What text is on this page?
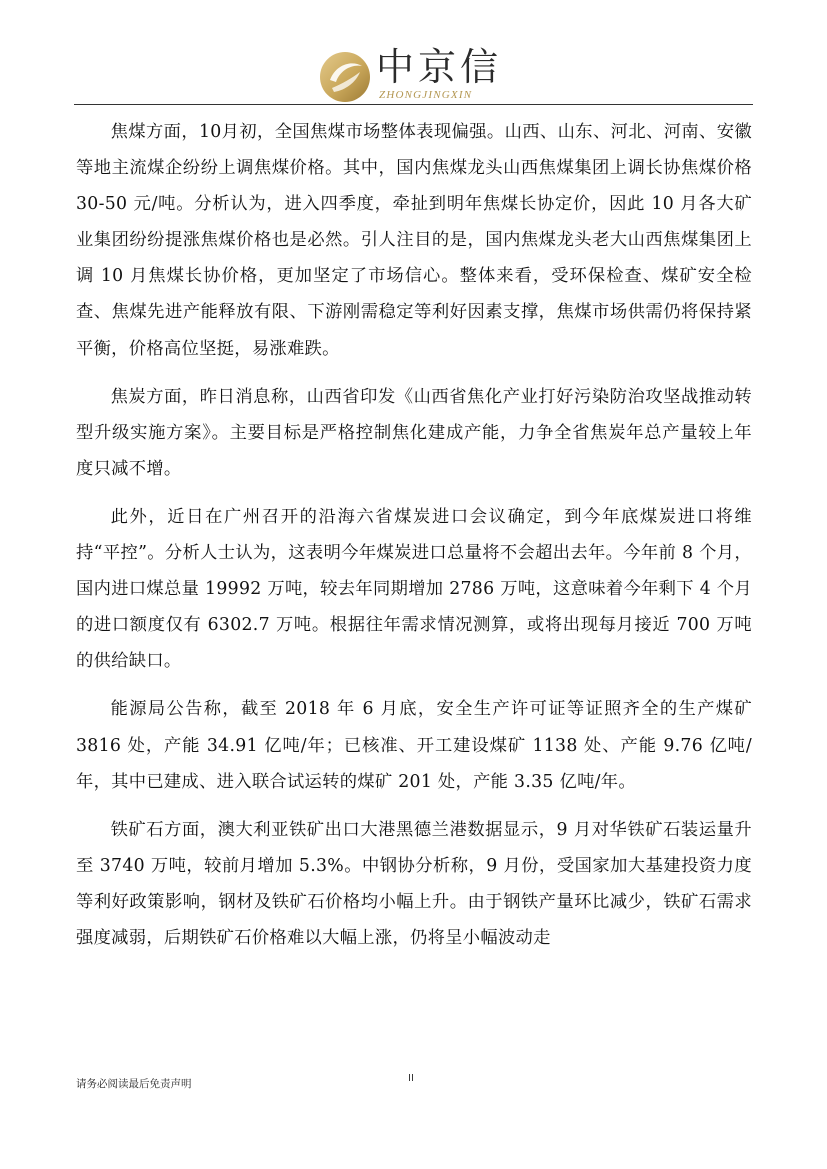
中京信
ZHONGJINGXIN

焦煤方面，10月初，全国焦煤市场整体表现偏强。山西、山东、河北、河南、安徽等地主流煤企纷纷上调焦煤价格。其中，国内焦煤龙头山西焦煤集团上调长协焦煤价格 30-50 元/吨。分析认为，进入四季度，牵扯到明年焦煤长协定价，因此 10 月各大矿业集团纷纷提涨焦煤价格也是必然。引人注目的是，国内焦煤龙头老大山西焦煤集团上调 10 月焦煤长协价格，更加坚定了市场信心。整体来看，受环保检查、煤矿安全检查、焦煤先进产能释放有限、下游刚需稳定等利好因素支撑，焦煤市场供需仍将保持紧平衡，价格高位坚挺，易涨难跌。

焦炭方面，昨日消息称，山西省印发《山西省焦化产业打好污染防治攻坚战推动转型升级实施方案》。主要目标是严格控制焦化建成产能，力争全省焦炭年总产量较上年度只减不增。

此外，近日在广州召开的沿海六省煤炭进口会议确定，到今年底煤炭进口将维持“平控”。分析人士认为，这表明今年煤炭进口总量将不会超出去年。今年前 8 个月，国内进口煤总量 19992 万吨，较去年同期增加 2786 万吨，这意味着今年剩下 4 个月的进口额度仅有 6302.7 万吨。根据往年需求情况测算，或将出现每月接近 700 万吨的供给缺口。

能源局公告称，截至 2018 年 6 月底，安全生产许可证等证照齐全的生产煤矿 3816 处，产能 34.91 亿吨/年；已核准、开工建设煤矿 1138 处、产能 9.76 亿吨/年，其中已建成、进入联合试运转的煤矿 201 处，产能 3.35 亿吨/年。

铁矿石方面，澳大利亚铁矿出口大港黑德兰港数据显示，9 月对华铁矿石装运量升至 3740 万吨，较前月增加 5.3%。中钢协分析称，9 月份，受国家加大基建投资力度等利好政策影响，钢材及铁矿石价格均小幅上升。由于钢铁产量环比减少，铁矿石需求强度减弱，后期铁矿石价格难以大幅上涨，仍将呈小幅波动走

请务必阅读最后免责声明	II
